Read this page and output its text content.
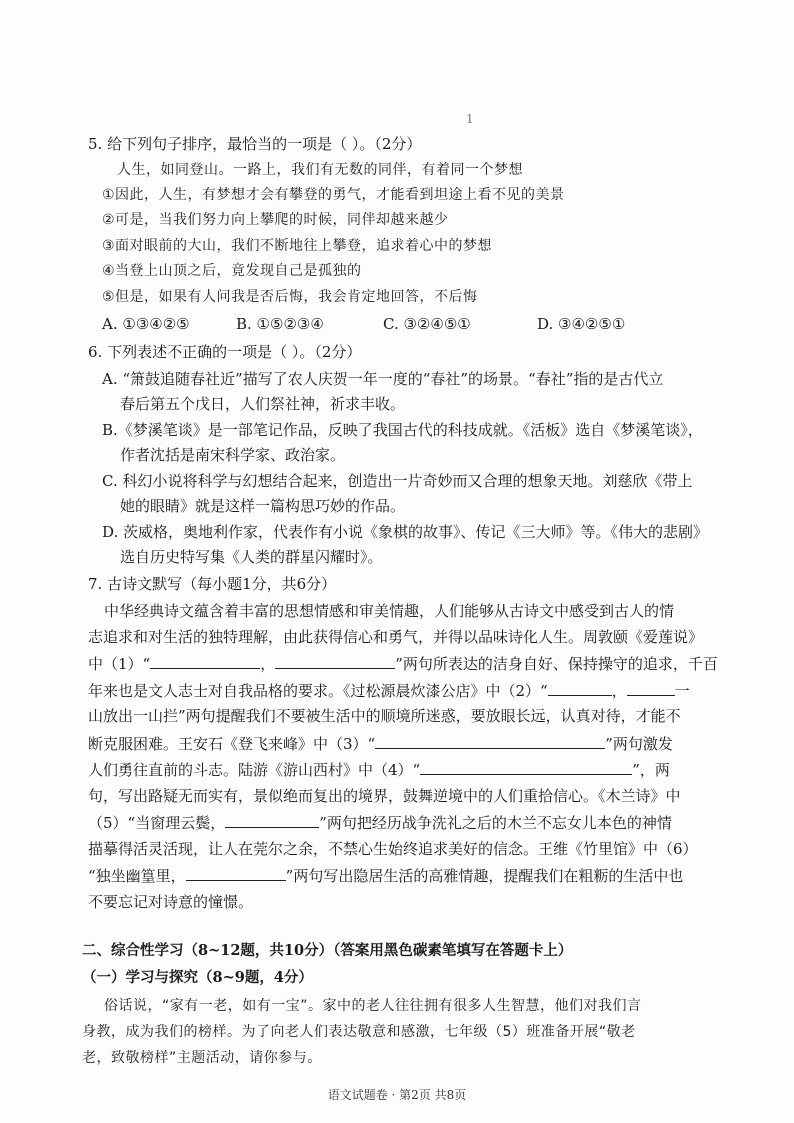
1
5. 给下列句子排序，最恰当的一项是（ ）。（2分）
人生，如同登山。一路上，我们有无数的同伴，有着同一个梦想
①因此，人生，有梦想才会有攀登的勇气，才能看到坦途上看不见的美景
②可是，当我们努力向上攀爬的时候，同伴却越来越少
③面对眼前的大山，我们不断地往上攀登，追求着心中的梦想
④当登上山顶之后，竟发现自己是孤独的
⑤但是，如果有人问我是否后悔，我会肯定地回答，不后悔
A. ①③④②⑤	B. ①⑤②③④	C. ③②④⑤①	D. ③④②⑤①
6. 下列表述不正确的一项是（ ）。（2分）
A. “箫鼓追随春社近”描写了农人庆贺一年一度的“春社”的场景。“春社”指的是古代立
春后第五个戊日，人们祭社神，祈求丰收。
B.《梦溪笔谈》是一部笔记作品，反映了我国古代的科技成就。《活板》选自《梦溪笔谈》，
作者沈括是南宋科学家、政治家。
C. 科幻小说将科学与幻想结合起来，创造出一片奇妙而又合理的想象天地。刘慈欣《带上
她的眼睛》就是这样一篇构思巧妙的作品。
D. 茨威格，奥地利作家，代表作有小说《象棋的故事》、传记《三大师》等。《伟大的悲剧》
选自历史特写集《人类的群星闪耀时》。
7. 古诗文默写（每小题1分，共6分）
中华经典诗文蕴含着丰富的思想情感和审美情趣，人们能够从古诗文中感受到古人的情
志追求和对生活的独特理解，由此获得信心和勇气，并得以品味诗化人生。周敦颐《爱莲说》
中（1）“	，	”两句所表达的洁身自好、保持操守的追求，千百
年来也是文人志士对自我品格的要求。《过松源晨炊漆公店》中（2）“	，	一
山放出一山拦”两句提醒我们不要被生活中的顺境所迷惑，要放眼长远，认真对待，才能不
断克服困难。王安石《登飞来峰》中（3）“	”两句激发
人们勇往直前的斗志。陆游《游山西村》中（4）“	”，两
句，写出路疑无而实有，景似绝而复出的境界，鼓舞逆境中的人们重拾信心。《木兰诗》中
（5）“当窗理云鬓，	”两句把经历战争洗礼之后的木兰不忘女儿本色的神情
描摹得活灵活现，让人在莞尔之余，不禁心生始终追求美好的信念。王维《竹里馆》中（6）
“独坐幽篁里，	”两句写出隐居生活的高雅情趣，提醒我们在粗粝的生活中也
不要忘记对诗意的憧憬。
二、综合性学习（8~12题，共10分）（答案用黑色碳素笔填写在答题卡上）
（一）学习与探究（8~9题，4分）
俗话说，“家有一老，如有一宝”。家中的老人往往拥有很多人生智慧，他们对我们言
身教，成为我们的榜样。为了向老人们表达敬意和感激，七年级（5）班准备开展“敬老
老，致敬榜样”主题活动，请你参与。
语文试题卷 · 第2页 共8页
